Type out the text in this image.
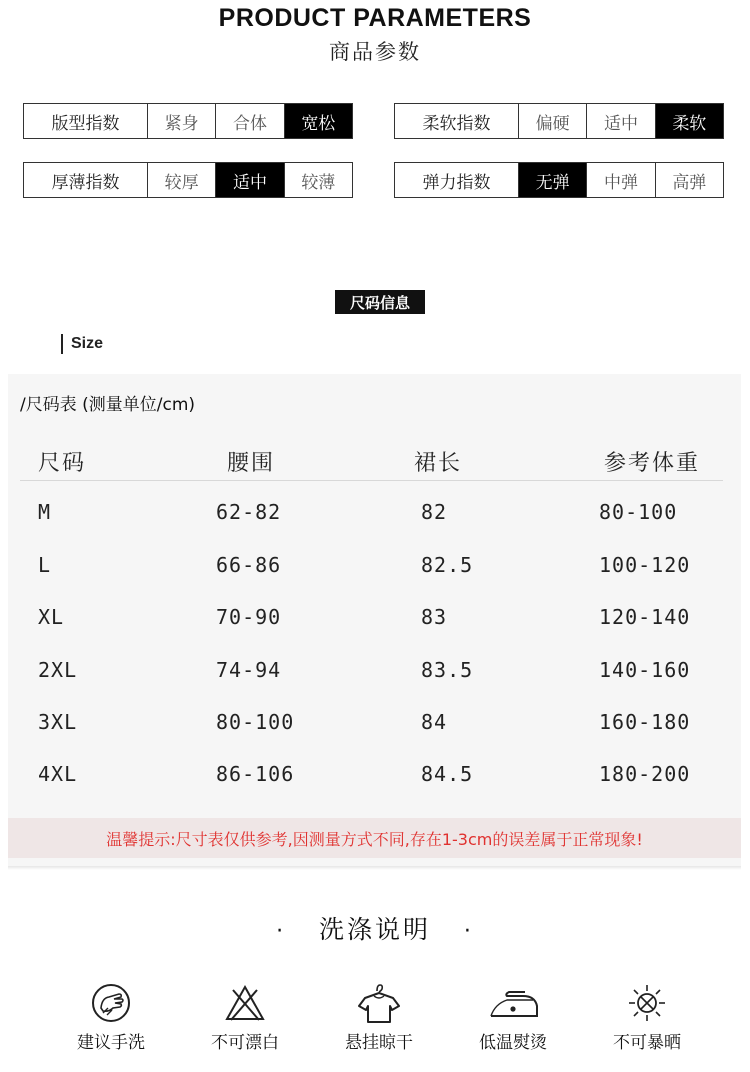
PRODUCT PARAMETERS
商品参数
版型指数	紧身	合体	宽松	柔软指数	偏硬	适中	柔软
厚薄指数	较厚	适中	较薄	弹力指数	无弹	中弹	高弹
尺码信息
Size
/尺码表 (测量单位/cm)
尺码	腰围	裙长	参考体重
M	62-82	82	80-100
L	66-86	82.5	100-120
XL	70-90	83	120-140
2XL	74-94	83.5	140-160
3XL	80-100	84	160-180
4XL	86-106	84.5	180-200
温馨提示:尺寸表仅供参考,因测量方式不同,存在1-3cm的误差属于正常现象!
· 洗涤说明 ·
建议手洗	不可漂白	悬挂晾干	低温熨烫	不可暴晒
